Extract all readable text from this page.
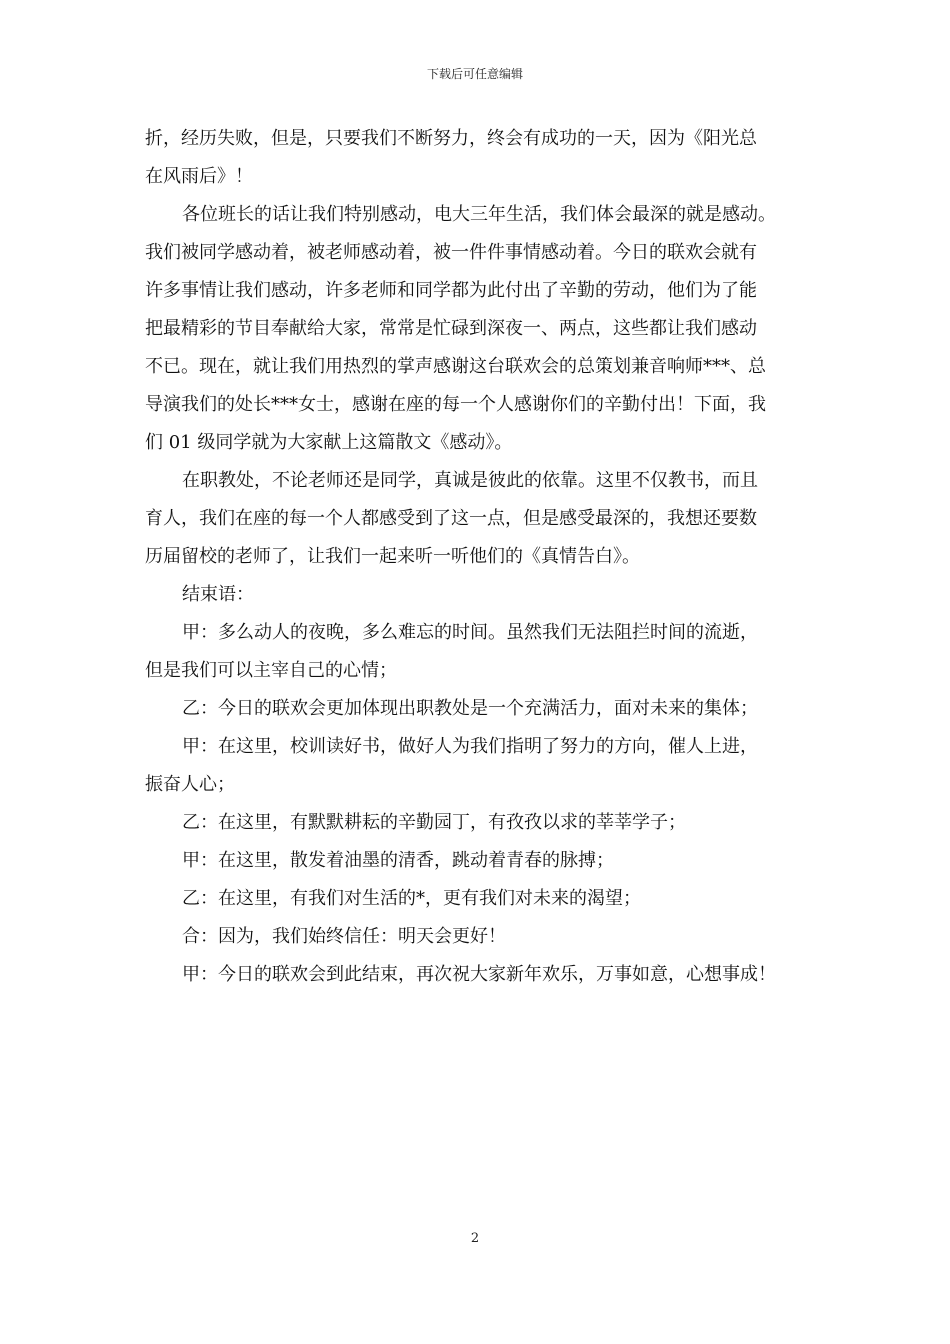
下载后可任意编辑
折，经历失败，但是，只要我们不断努力，终会有成功的一天，因为《阳光总
在风雨后》！
各位班长的话让我们特别感动，电大三年生活，我们体会最深的就是感动。
我们被同学感动着，被老师感动着，被一件件事情感动着。今日的联欢会就有
许多事情让我们感动，许多老师和同学都为此付出了辛勤的劳动，他们为了能
把最精彩的节目奉献给大家，常常是忙碌到深夜一、两点，这些都让我们感动
不已。现在，就让我们用热烈的掌声感谢这台联欢会的总策划兼音响师***、总
导演我们的处长***女士，感谢在座的每一个人感谢你们的辛勤付出！下面，我
们 01 级同学就为大家献上这篇散文《感动》。
在职教处，不论老师还是同学，真诚是彼此的依靠。这里不仅教书，而且
育人，我们在座的每一个人都感受到了这一点，但是感受最深的，我想还要数
历届留校的老师了，让我们一起来听一听他们的《真情告白》。
结束语：
甲：多么动人的夜晚，多么难忘的时间。虽然我们无法阻拦时间的流逝，
但是我们可以主宰自己的心情；
乙：今日的联欢会更加体现出职教处是一个充满活力，面对未来的集体；
甲：在这里，校训读好书，做好人为我们指明了努力的方向，催人上进，
振奋人心；
乙：在这里，有默默耕耘的辛勤园丁，有孜孜以求的莘莘学子；
甲：在这里，散发着油墨的清香，跳动着青春的脉搏；
乙：在这里，有我们对生活的*，更有我们对未来的渴望；
合：因为，我们始终信任：明天会更好！
甲：今日的联欢会到此结束，再次祝大家新年欢乐，万事如意，心想事成！
2
